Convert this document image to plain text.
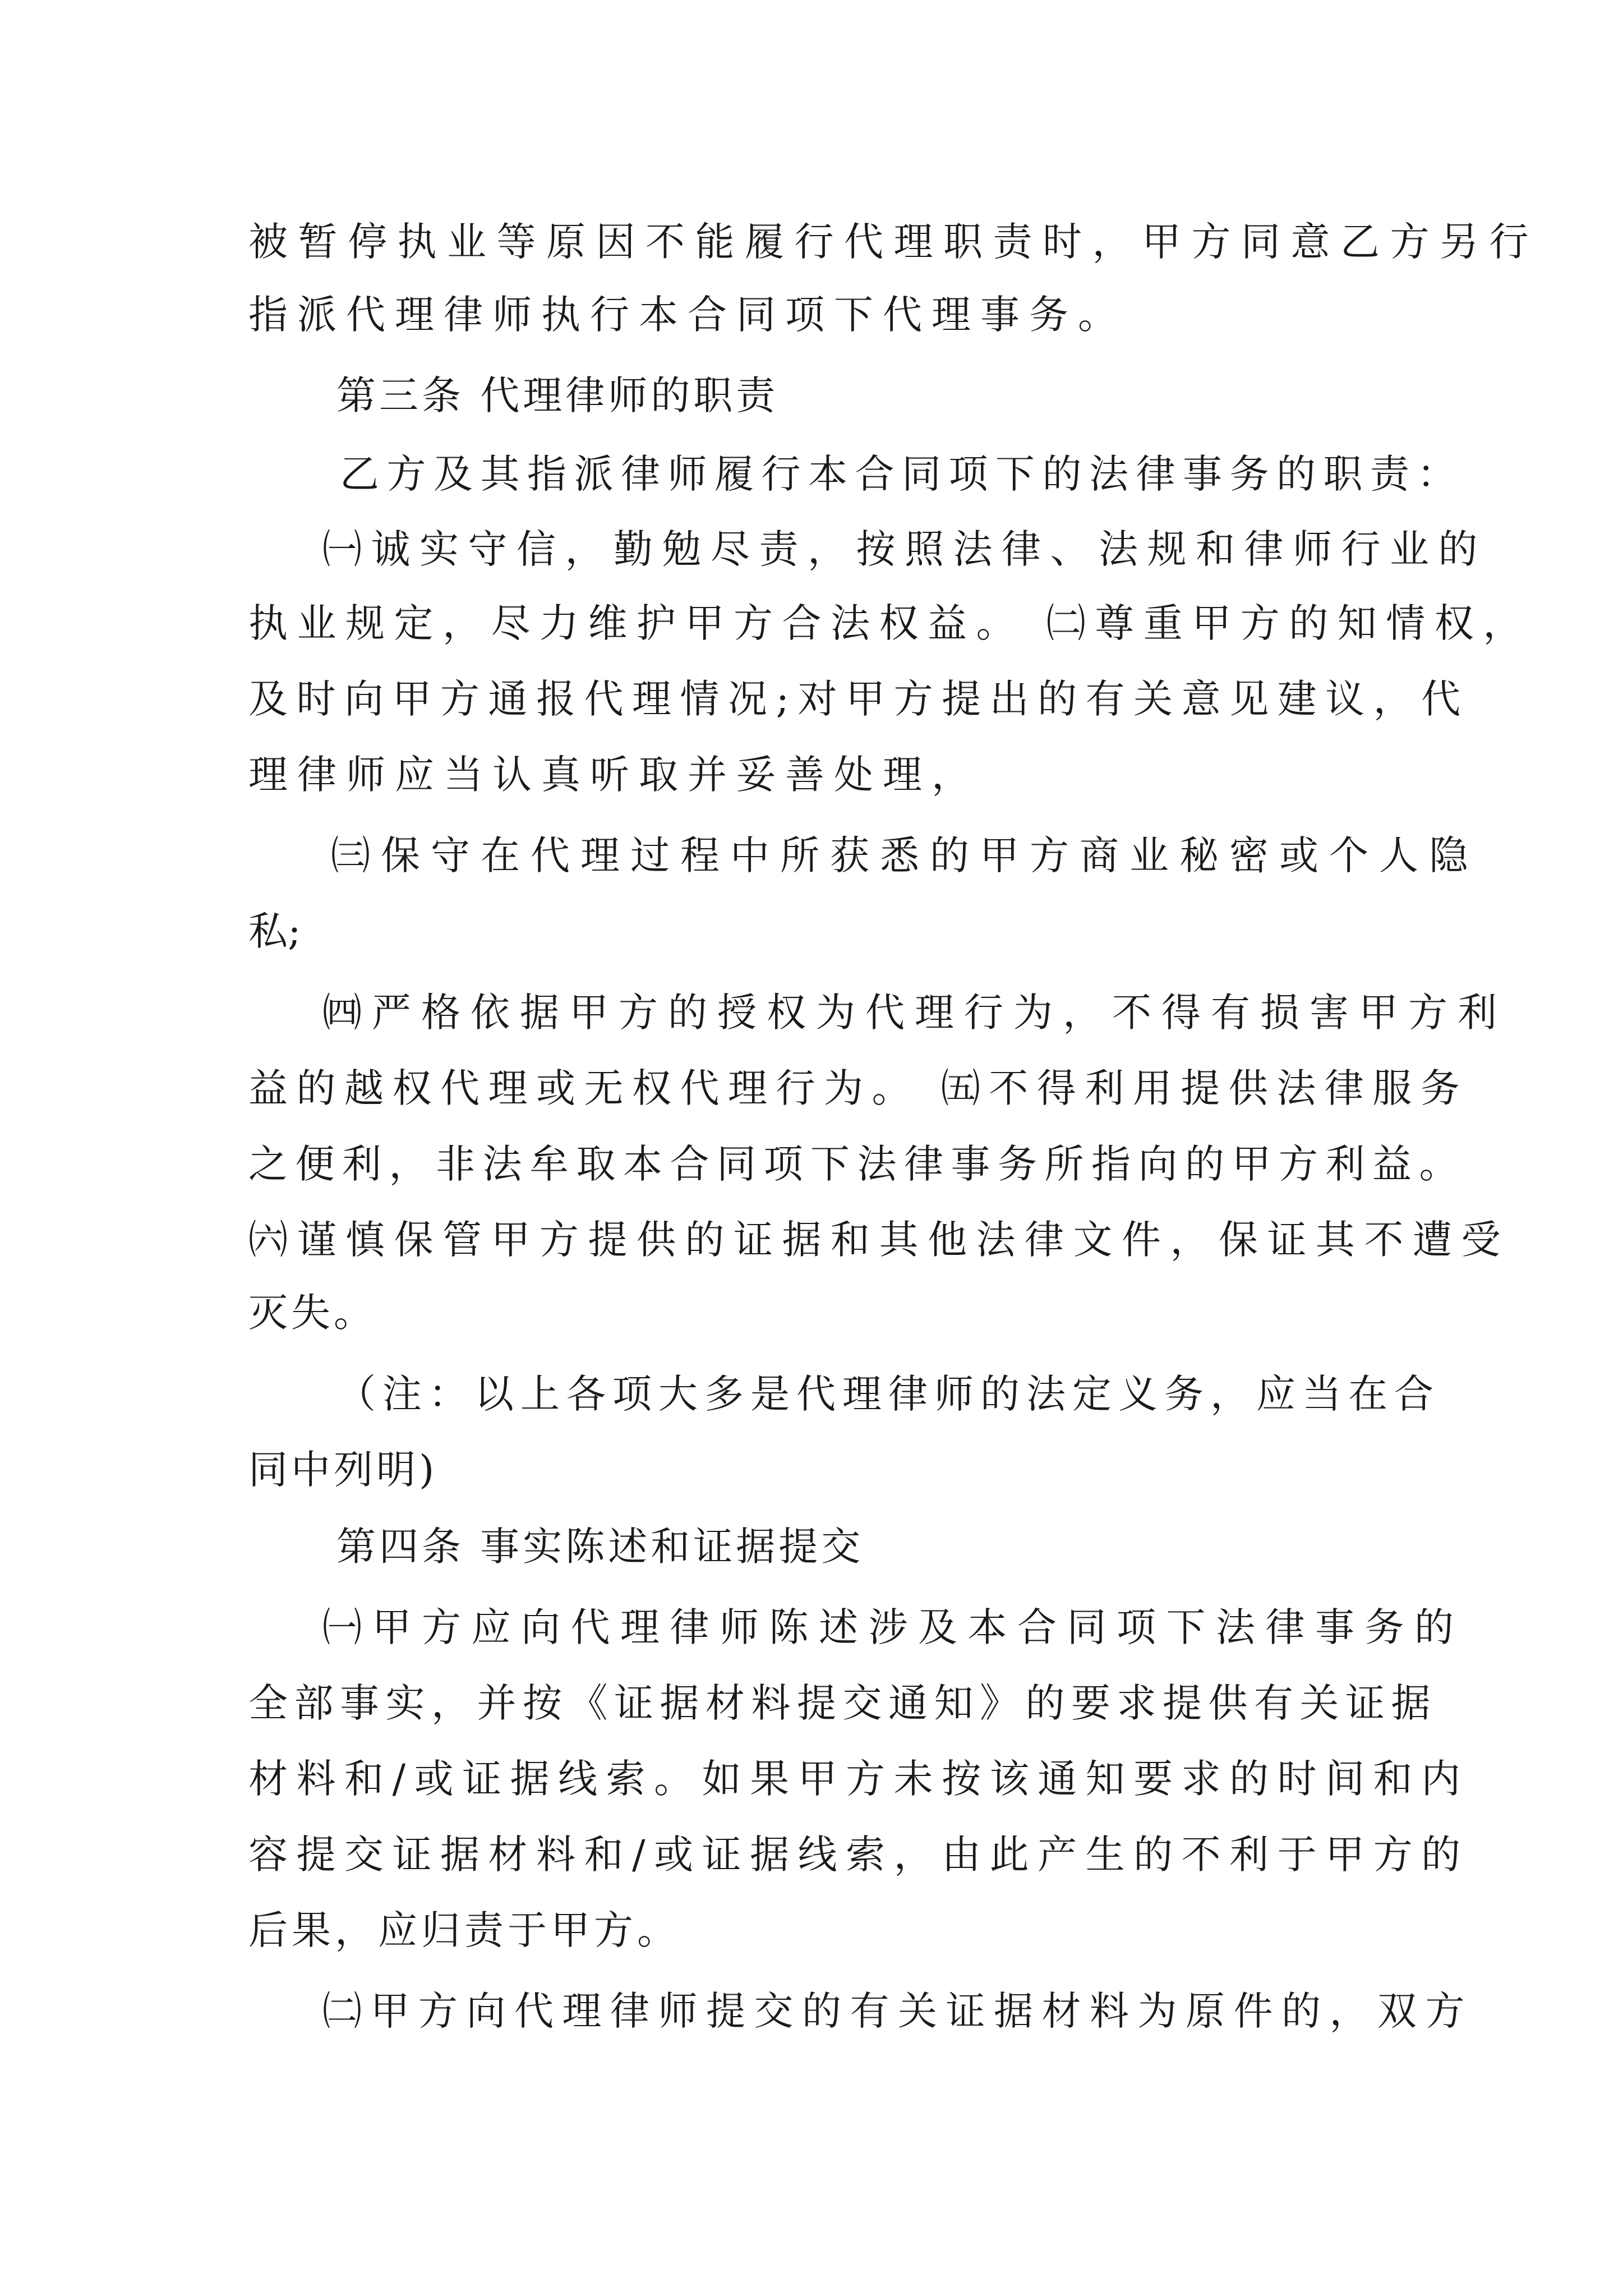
被暂停执业等原因不能履行代理职责时，甲方同意乙方另行
指派代理律师执行本合同项下代理事务。
第三条 代理律师的职责
乙方及其指派律师履行本合同项下的法律事务的职责：
㈠诚实守信，勤勉尽责，按照法律、法规和律师行业的
执业规定，尽力维护甲方合法权益。 ㈡尊重甲方的知情权，
及时向甲方通报代理情况;对甲方提出的有关意见建议，代
理律师应当认真听取并妥善处理，
㈢保守在代理过程中所获悉的甲方商业秘密或个人隐
私;
㈣严格依据甲方的授权为代理行为，不得有损害甲方利
益的越权代理或无权代理行为。 ㈤不得利用提供法律服务
之便利，非法牟取本合同项下法律事务所指向的甲方利益。
㈥谨慎保管甲方提供的证据和其他法律文件，保证其不遭受
灭失。
（注：以上各项大多是代理律师的法定义务，应当在合
同中列明)
第四条 事实陈述和证据提交
㈠甲方应向代理律师陈述涉及本合同项下法律事务的
全部事实，并按《证据材料提交通知》的要求提供有关证据
材料和/或证据线索。如果甲方未按该通知要求的时间和内
容提交证据材料和/或证据线索，由此产生的不利于甲方的
后果，应归责于甲方。
㈡甲方向代理律师提交的有关证据材料为原件的，双方
